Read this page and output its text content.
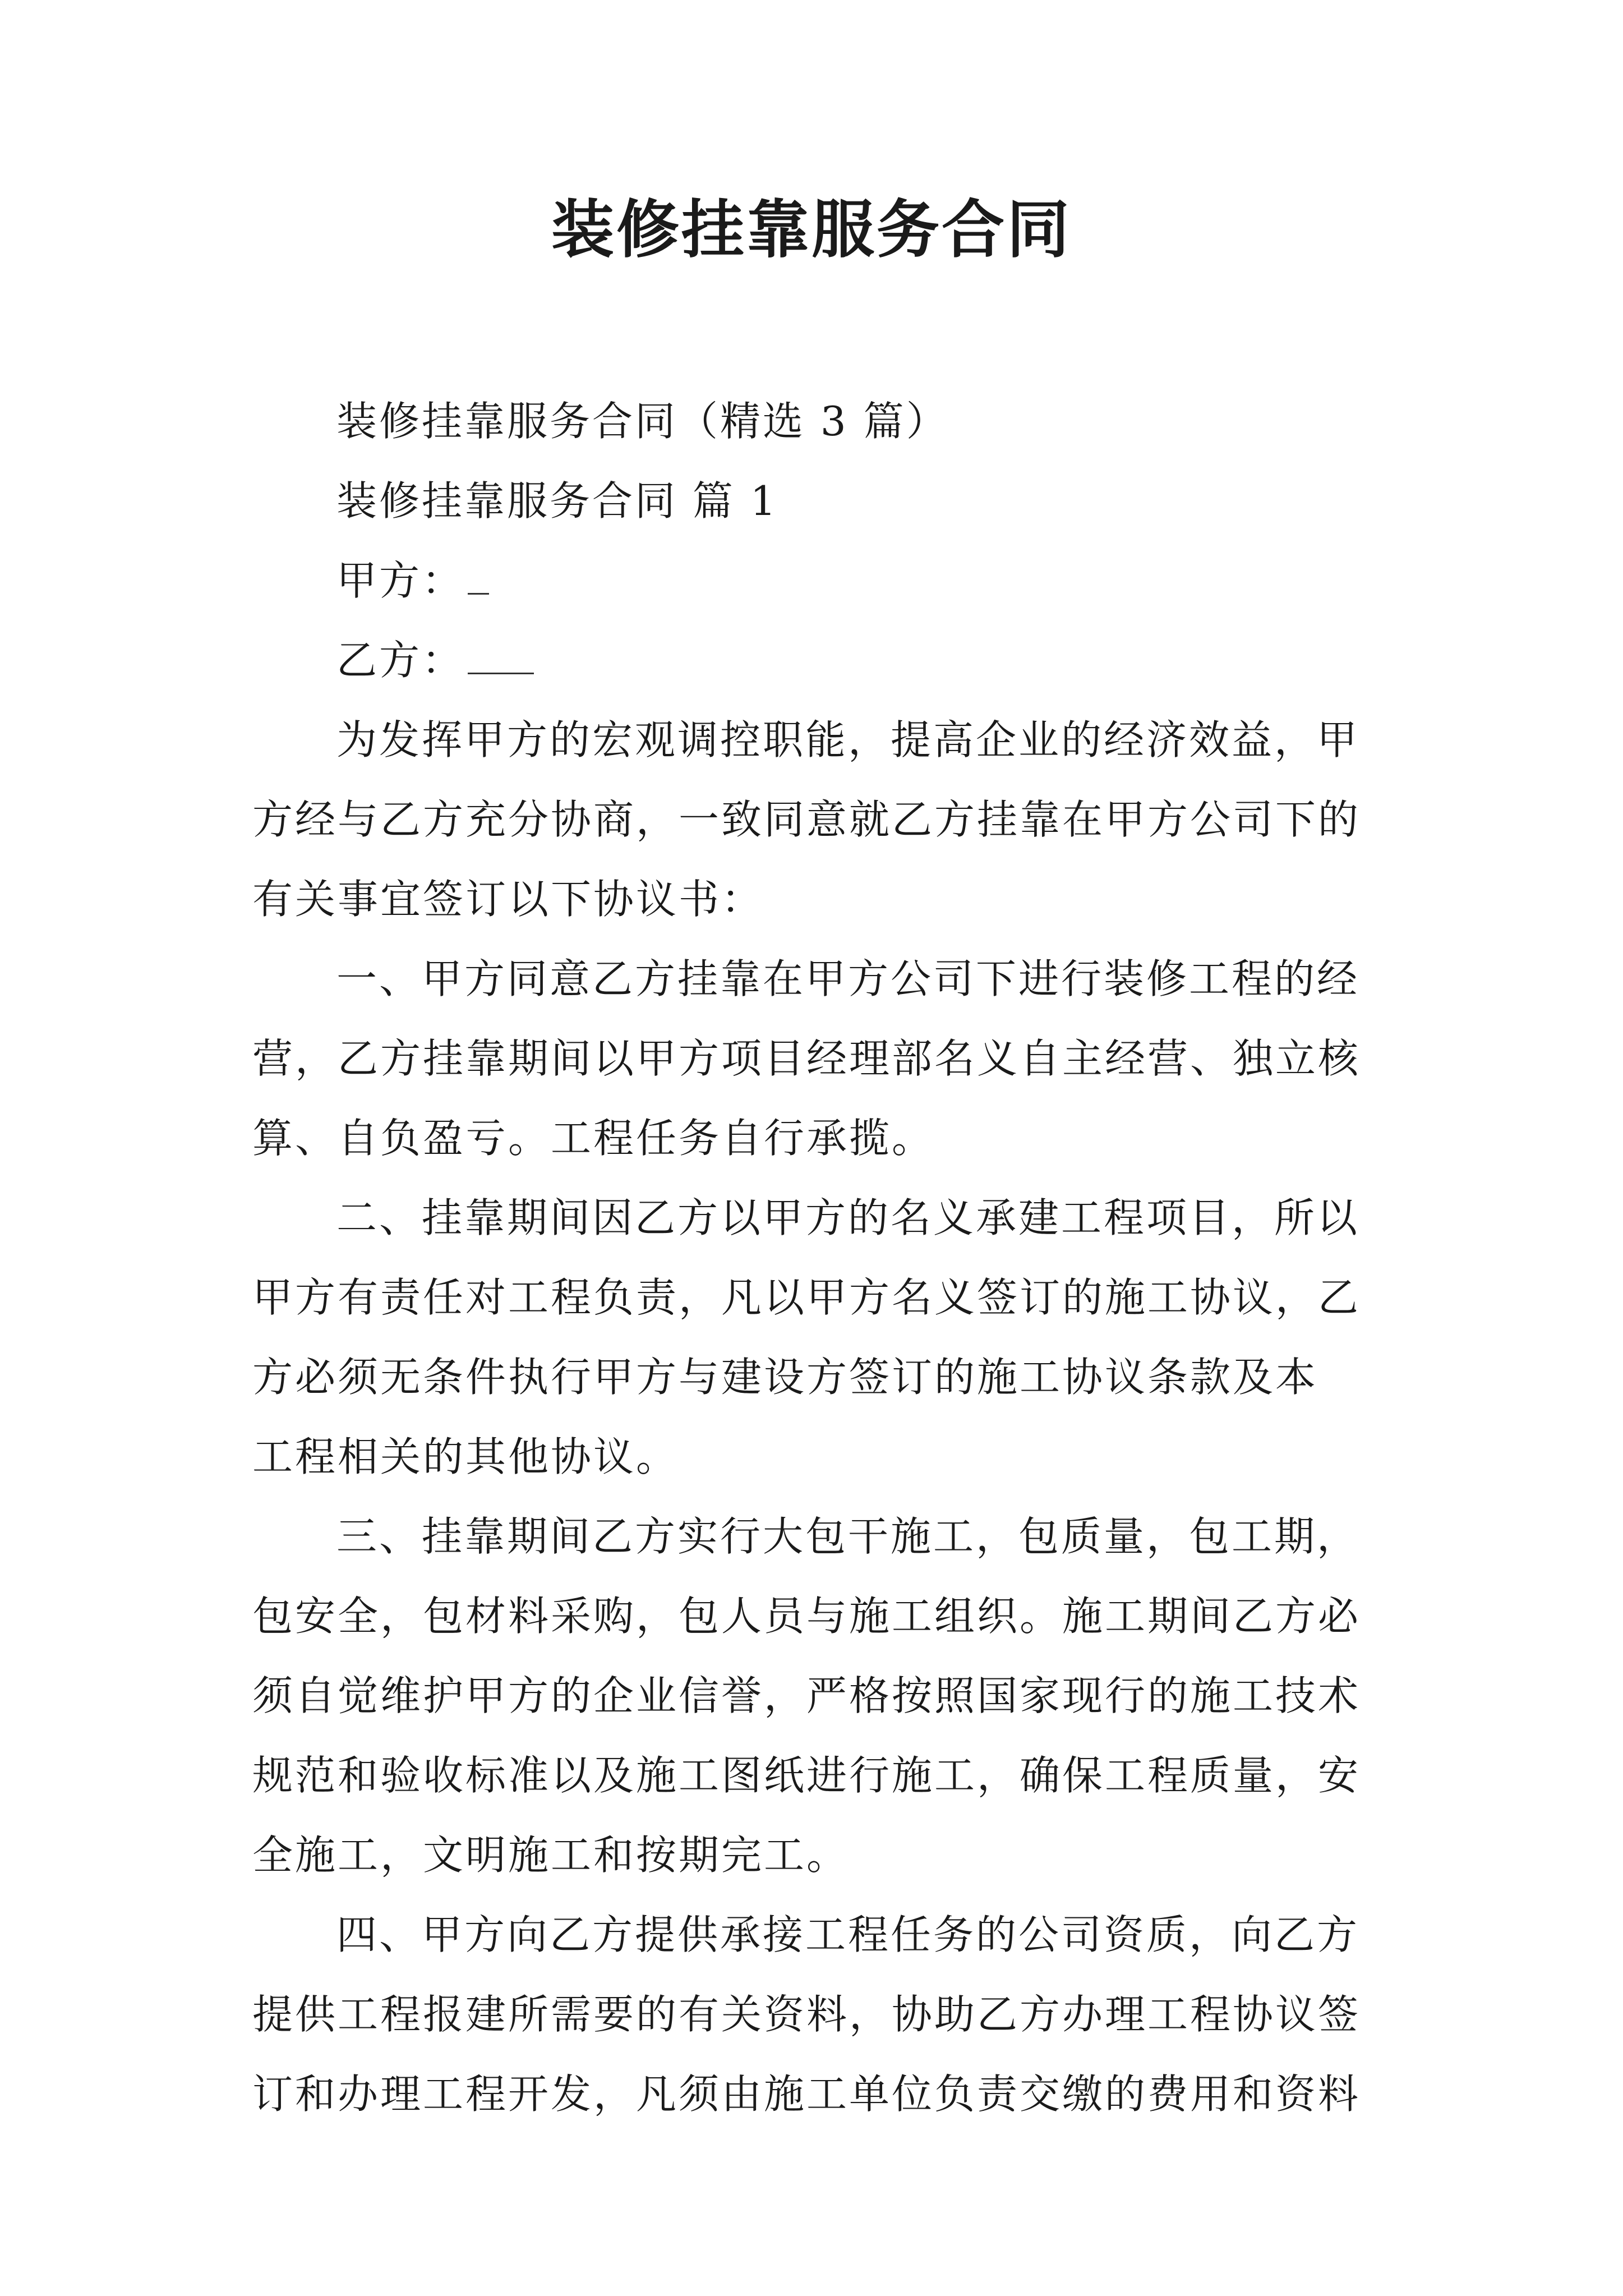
装修挂靠服务合同
装修挂靠服务合同（精选 3 篇）
装修挂靠服务合同 篇 1
甲方：
乙方：
为发挥甲方的宏观调控职能，提高企业的经济效益，甲
方经与乙方充分协商，一致同意就乙方挂靠在甲方公司下的
有关事宜签订以下协议书：
一、甲方同意乙方挂靠在甲方公司下进行装修工程的经
营，乙方挂靠期间以甲方项目经理部名义自主经营、独立核
算、自负盈亏。工程任务自行承揽。
二、挂靠期间因乙方以甲方的名义承建工程项目，所以
甲方有责任对工程负责，凡以甲方名义签订的施工协议，乙
方必须无条件执行甲方与建设方签订的施工协议条款及本
工程相关的其他协议。
三、挂靠期间乙方实行大包干施工，包质量，包工期，
包安全，包材料采购，包人员与施工组织。施工期间乙方必
须自觉维护甲方的企业信誉，严格按照国家现行的施工技术
规范和验收标准以及施工图纸进行施工，确保工程质量，安
全施工，文明施工和按期完工。
四、甲方向乙方提供承接工程任务的公司资质，向乙方
提供工程报建所需要的有关资料，协助乙方办理工程协议签
订和办理工程开发，凡须由施工单位负责交缴的费用和资料
